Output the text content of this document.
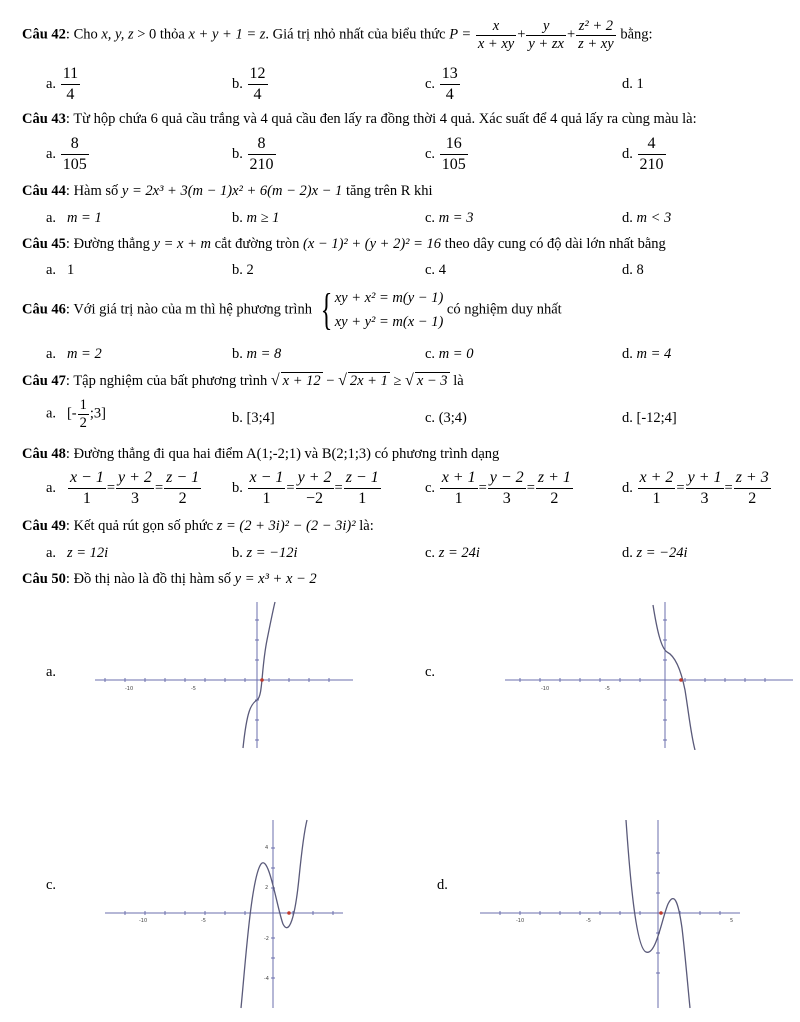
Câu 42: Cho x, y, z > 0 thỏa x + y + 1 = z. Giá trị nhỏ nhất của biểu thức $P = \frac{x}{x + xy} + \frac{y}{y + zx} + \frac{\text{z² + 2}}{z + xy}$ bằng:
a. $\frac{11}{4}$	b. $\frac{12}{4}$	c. $\frac{13}{4}$	d. 1
Câu 43: Từ hộp chứa 6 quả cầu trắng và 4 quả cầu đen lấy ra đồng thời 4 quả. Xác suất để 4 quả lấy ra cùng màu là:
a. $\frac{8}{105}$	b. $\frac{8}{210}$	c. $\frac{16}{105}$	d. $\frac{4}{210}$
Câu 44: Hàm số y = 2x³ + 3(m − 1)x² + 6(m − 2)x − 1 tăng trên R khi
a. m = 1	b. m ≥ 1	c. m = 3	d. m < 3
Câu 45: Đường thẳng y = x + m cắt đường tròn (x − 1)² + (y + 2)² = 16 theo dây cung có độ dài lớn nhất bằng
a. 1	b. 2	c. 4	d. 8
Câu 46: Với giá trị nào của m thì hệ phương trình { xy + x² = m(y − 1)
xy + y² = m(x − 1)
có nghiệm duy nhất
a. m = 2	b. m = 8	c. m = 0	d. m = 4
Câu 47: Tập nghiệm của bất phương trình √ x + 12 − √ 2x + 1 ≥ √ x − 3 là
a. [- $\frac{1}{2}$ ;3]	b. [3;4]	c. (3;4)	d. [-12;4]
Câu 48: Đường thẳng đi qua hai điểm A(1;-2;1) và B(2;1;3) có phương trình dạng
a. $\frac{x - 1}{1} = \frac{y + 2}{3} = \frac{z - 1}{2} b$. $\frac{x - 1}{1} = \frac{y + 2}{-2} = \frac{z - 1}{1}$	c. $\frac{x + 1}{1} = \frac{y - 2}{3} = \frac{z + 1}{2}$	d. $\frac{x + 2}{1} = \frac{y + 1}{3} = \frac{z + 3}{2}$
Câu 49: Kết quả rút gọn số phức z = (2 + 3i)² − (2 − 3i)² là:
a. z = 12i	b. z = −12i	c. z = 24i	d. z = −24i
Câu 50: Đồ thị nào là đồ thị hàm số y = x³ + x − 2
a.	c.
c.	d.
-10	-5	-10	-5
-10	-5
4
2
-2
-4
-10	-5	5
